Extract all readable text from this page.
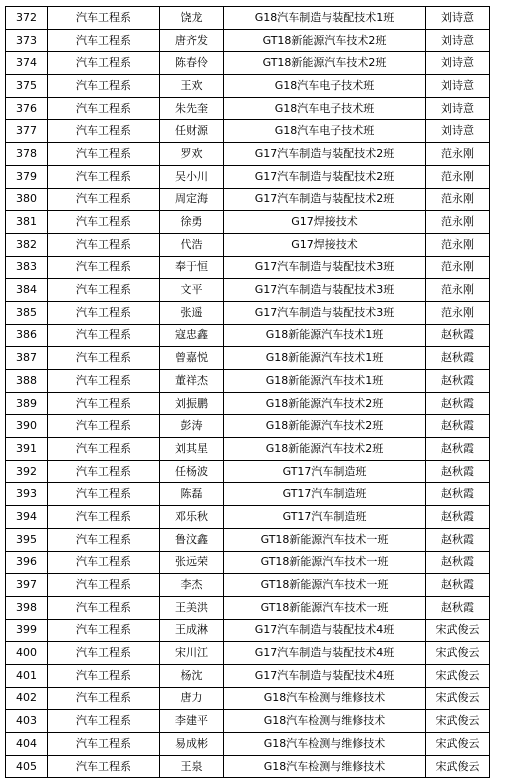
372	汽车工程系	饶龙	G18汽车制造与装配技术1班	刘诗意
373	汽车工程系	唐齐发	GT18新能源汽车技术2班	刘诗意
374	汽车工程系	陈春伶	GT18新能源汽车技术2班	刘诗意
375	汽车工程系	王欢	G18汽车电子技术班	刘诗意
376	汽车工程系	朱先奎	G18汽车电子技术班	刘诗意
377	汽车工程系	任财源	G18汽车电子技术班	刘诗意
378	汽车工程系	罗欢	G17汽车制造与装配技术2班	范永刚
379	汽车工程系	吴小川	G17汽车制造与装配技术2班	范永刚
380	汽车工程系	周定海	G17汽车制造与装配技术2班	范永刚
381	汽车工程系	徐勇	G17焊接技术	范永刚
382	汽车工程系	代浩	G17焊接技术	范永刚
383	汽车工程系	奉于恒	G17汽车制造与装配技术3班	范永刚
384	汽车工程系	文平	G17汽车制造与装配技术3班	范永刚
385	汽车工程系	张遥	G17汽车制造与装配技术3班	范永刚
386	汽车工程系	寇忠鑫	G18新能源汽车技术1班	赵秋霞
387	汽车工程系	曾嘉悦	G18新能源汽车技术1班	赵秋霞
388	汽车工程系	董祥杰	G18新能源汽车技术1班	赵秋霞
389	汽车工程系	刘振鹏	G18新能源汽车技术2班	赵秋霞
390	汽车工程系	彭涛	G18新能源汽车技术2班	赵秋霞
391	汽车工程系	刘其星	G18新能源汽车技术2班	赵秋霞
392	汽车工程系	任杨波	GT17汽车制造班	赵秋霞
393	汽车工程系	陈磊	GT17汽车制造班	赵秋霞
394	汽车工程系	邓乐秋	GT17汽车制造班	赵秋霞
395	汽车工程系	鲁汶鑫	GT18新能源汽车技术一班	赵秋霞
396	汽车工程系	张远荣	GT18新能源汽车技术一班	赵秋霞
397	汽车工程系	李杰	GT18新能源汽车技术一班	赵秋霞
398	汽车工程系	王美洪	GT18新能源汽车技术一班	赵秋霞
399	汽车工程系	王成淋	G17汽车制造与装配技术4班	宋武俊云
400	汽车工程系	宋川江	G17汽车制造与装配技术4班	宋武俊云
401	汽车工程系	杨沈	G17汽车制造与装配技术4班	宋武俊云
402	汽车工程系	唐力	G18汽车检测与维修技术	宋武俊云
403	汽车工程系	李建平	G18汽车检测与维修技术	宋武俊云
404	汽车工程系	易成彬	G18汽车检测与维修技术	宋武俊云
405	汽车工程系	王泉	G18汽车检测与维修技术	宋武俊云
